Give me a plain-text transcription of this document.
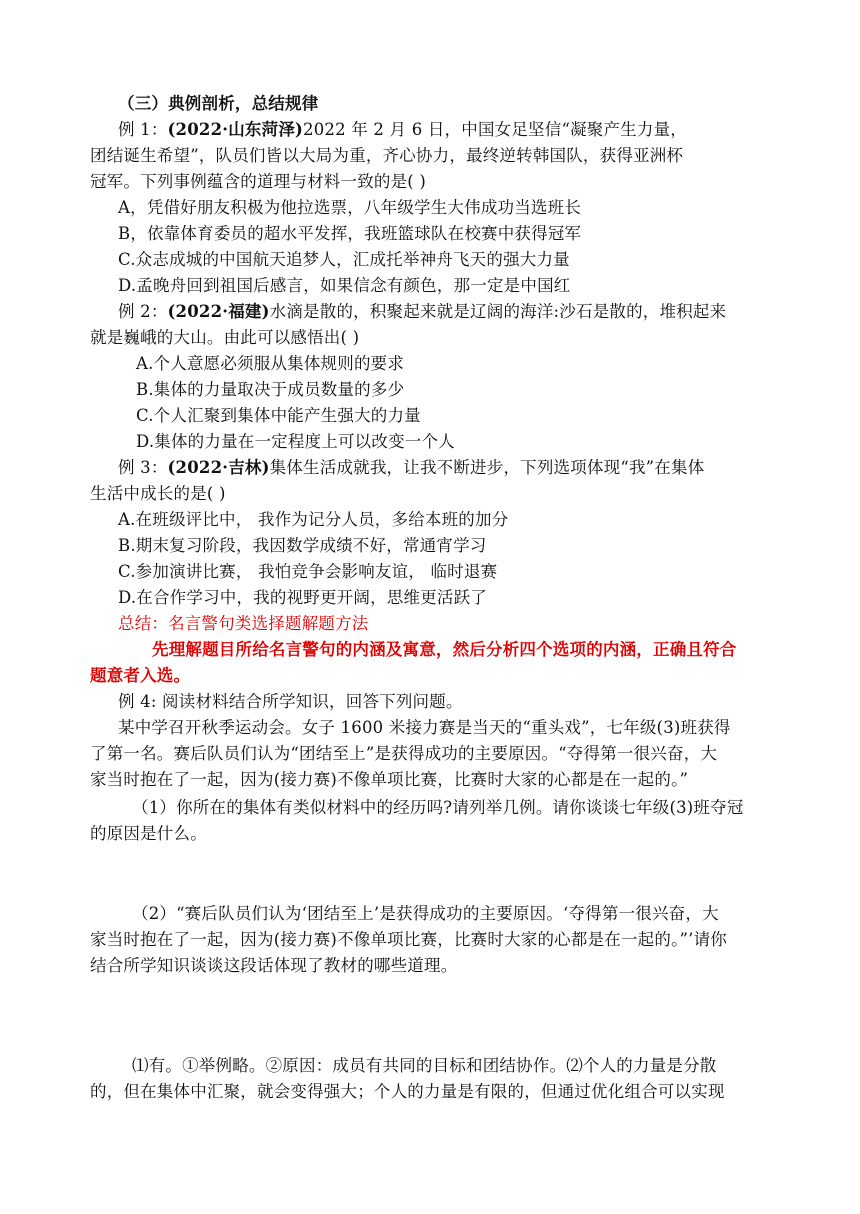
（三）典例剖析，总结规律
例 1：(2022·山东菏泽)2022 年 2 月 6 日，中国女足坚信“凝聚产生力量，
团结诞生希望”，队员们皆以大局为重，齐心协力，最终逆转韩国队，获得亚洲杯
冠军。下列事例蕴含的道理与材料一致的是( )
A，凭借好朋友积极为他拉选票，八年级学生大伟成功当选班长
B，依靠体育委员的超水平发挥，我班篮球队在校赛中获得冠军
C.众志成城的中国航天追梦人，汇成托举神舟飞天的强大力量
D.孟晚舟回到祖国后感言，如果信念有颜色，那一定是中国红
例 2：(2022·福建)水滴是散的，积聚起来就是辽阔的海洋:沙石是散的，堆积起来
就是巍峨的大山。由此可以感悟出( )
A.个人意愿必须服从集体规则的要求
B.集体的力量取决于成员数量的多少
C.个人汇聚到集体中能产生强大的力量
D.集体的力量在一定程度上可以改变一个人
例 3：(2022·吉林)集体生活成就我，让我不断进步，下列选项体现“我”在集体
生活中成长的是( )
A.在班级评比中， 我作为记分人员，多给本班的加分
B.期末复习阶段，我因数学成绩不好，常通宵学习
C.参加演讲比赛， 我怕竞争会影响友谊， 临时退赛
D.在合作学习中，我的视野更开阔，思维更活跃了
总结：名言警句类选择题解题方法
先理解题目所给名言警句的内涵及寓意，然后分析四个选项的内涵，正确且符合
题意者入选。
例 4: 阅读材料结合所学知识，回答下列问题。
某中学召开秋季运动会。女子 1600 米接力赛是当天的“重头戏”，七年级(3)班获得
了第一名。赛后队员们认为“团结至上”是获得成功的主要原因。“夺得第一很兴奋，大
家当时抱在了一起，因为(接力赛)不像单项比赛，比赛时大家的心都是在一起的。”
（1）你所在的集体有类似材料中的经历吗?请列举几例。请你谈谈七年级(3)班夺冠
的原因是什么。
（2）“赛后队员们认为‘团结至上’是获得成功的主要原因。‘夺得第一很兴奋，大
家当时抱在了一起，因为(接力赛)不像单项比赛，比赛时大家的心都是在一起的。”’请你
结合所学知识谈谈这段话体现了教材的哪些道理。
⑴有。①举例略。②原因：成员有共同的目标和团结协作。⑵个人的力量是分散
的，但在集体中汇聚，就会变得强大；个人的力量是有限的，但通过优化组合可以实现
